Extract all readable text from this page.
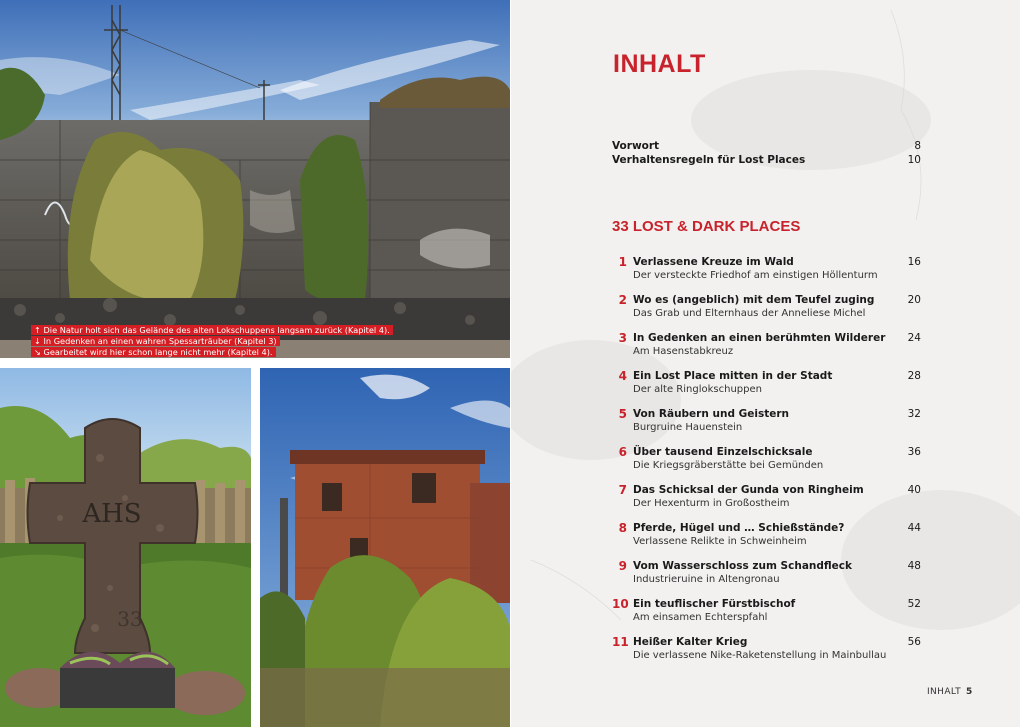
↑ Die Natur holt sich das Gelände des alten Lokschuppens langsam zurück (Kapitel 4).
↓ In Gedenken an einen wahren Spessarträuber (Kapitel 3)
↘ Gearbeitet wird hier schon lange nicht mehr (Kapitel 4).
AHS
33
INHALT
Vorwort	8
Verhaltensregeln für Lost Places	10
33 LOST & DARK PLACES
1 Verlassene Kreuze im Wald
Der versteckte Friedhof am einstigen Höllenturm
16
2 Wo es (angeblich) mit dem Teufel zuging
Das Grab und Elternhaus der Anneliese Michel
20
3 In Gedenken an einen berühmten Wilderer
Am Hasenstabkreuz
24
4 Ein Lost Place mitten in der Stadt
Der alte Ringlokschuppen
28
5 Von Räubern und Geistern
Burgruine Hauenstein
32
6 Über tausend Einzelschicksale
Die Kriegsgräberstätte bei Gemünden
36
7 Das Schicksal der Gunda von Ringheim
Der Hexenturm in Großostheim
40
8 Pferde, Hügel und … Schießstände?
Verlassene Relikte in Schweinheim
44
9 Vom Wasserschloss zum Schandfleck
Industrieruine in Altengronau
48
10 Ein teuflischer Fürstbischof
Am einsamen Echterspfahl
52
11 Heißer Kalter Krieg
Die verlassene Nike-Raketenstellung in Mainbullau
56
INHALT 5
